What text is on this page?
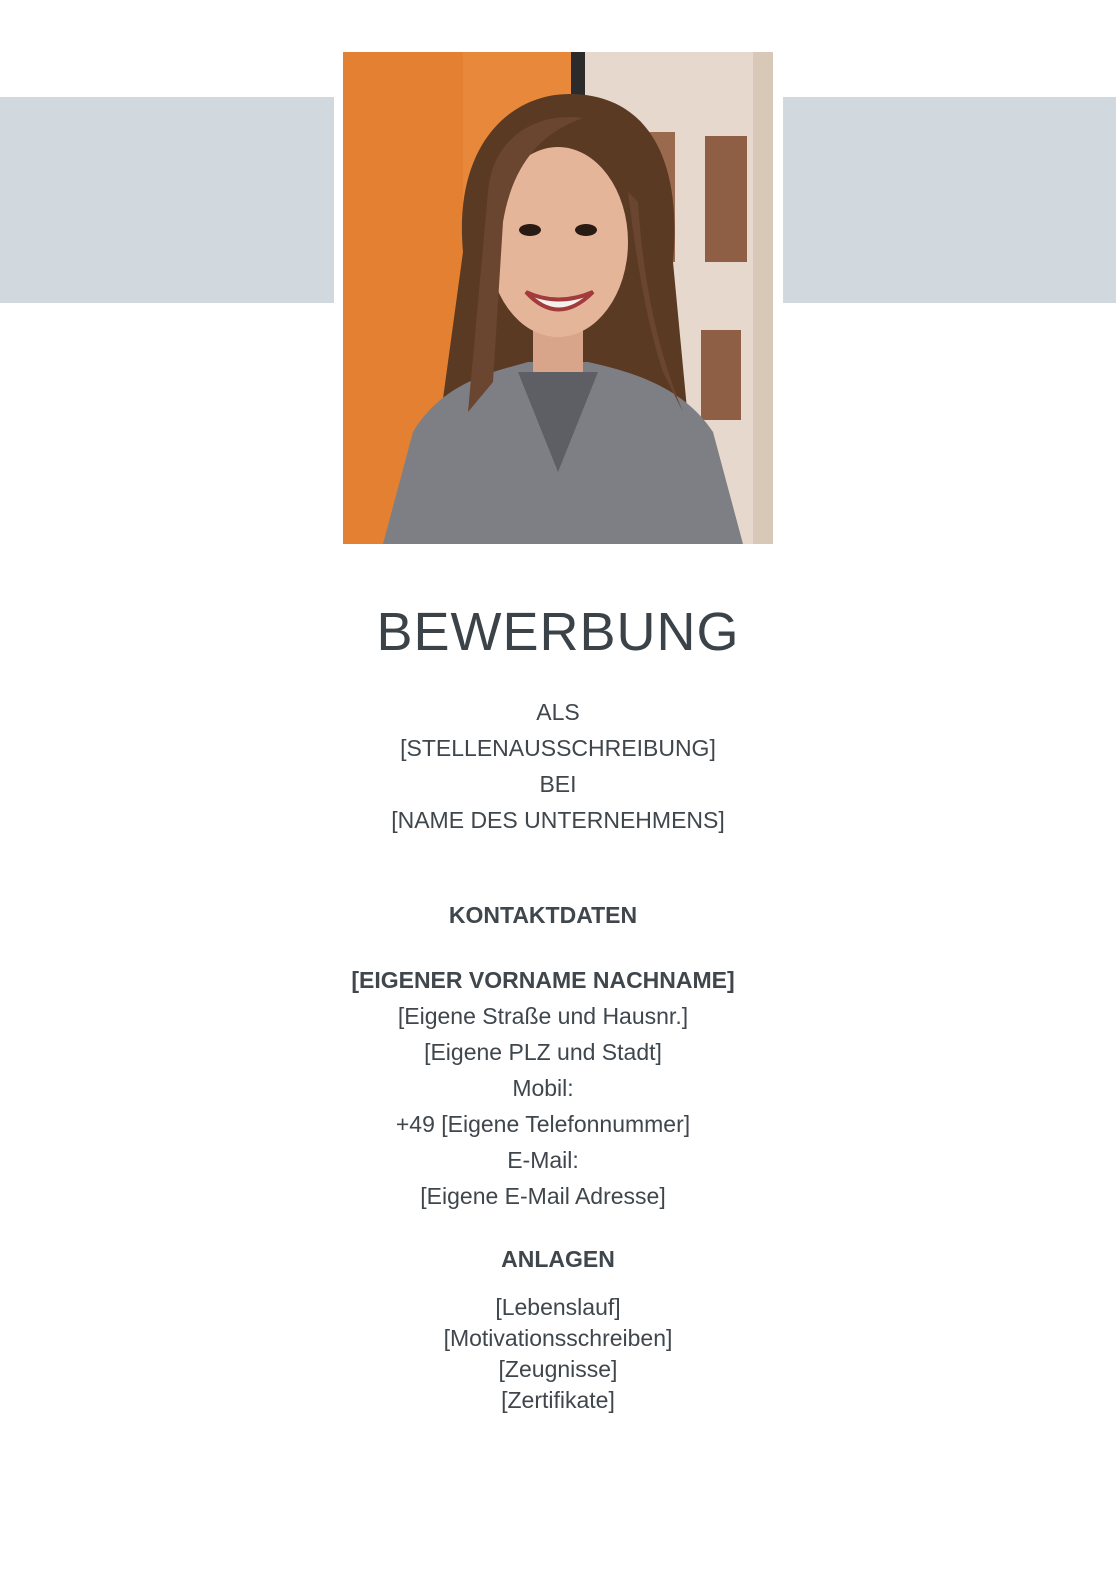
BEWERBUNG
ALS
[STELLENAUSSCHREIBUNG]
BEI
[NAME DES UNTERNEHMENS]
KONTAKTDATEN
[EIGENER VORNAME NACHNAME]
[Eigene Straße und Hausnr.]
[Eigene PLZ und Stadt]
Mobil:
+49 [Eigene Telefonnummer]
E-Mail:
[Eigene E-Mail Adresse]
ANLAGEN
[Lebenslauf]
[Motivationsschreiben]
[Zeugnisse]
[Zertifikate]
